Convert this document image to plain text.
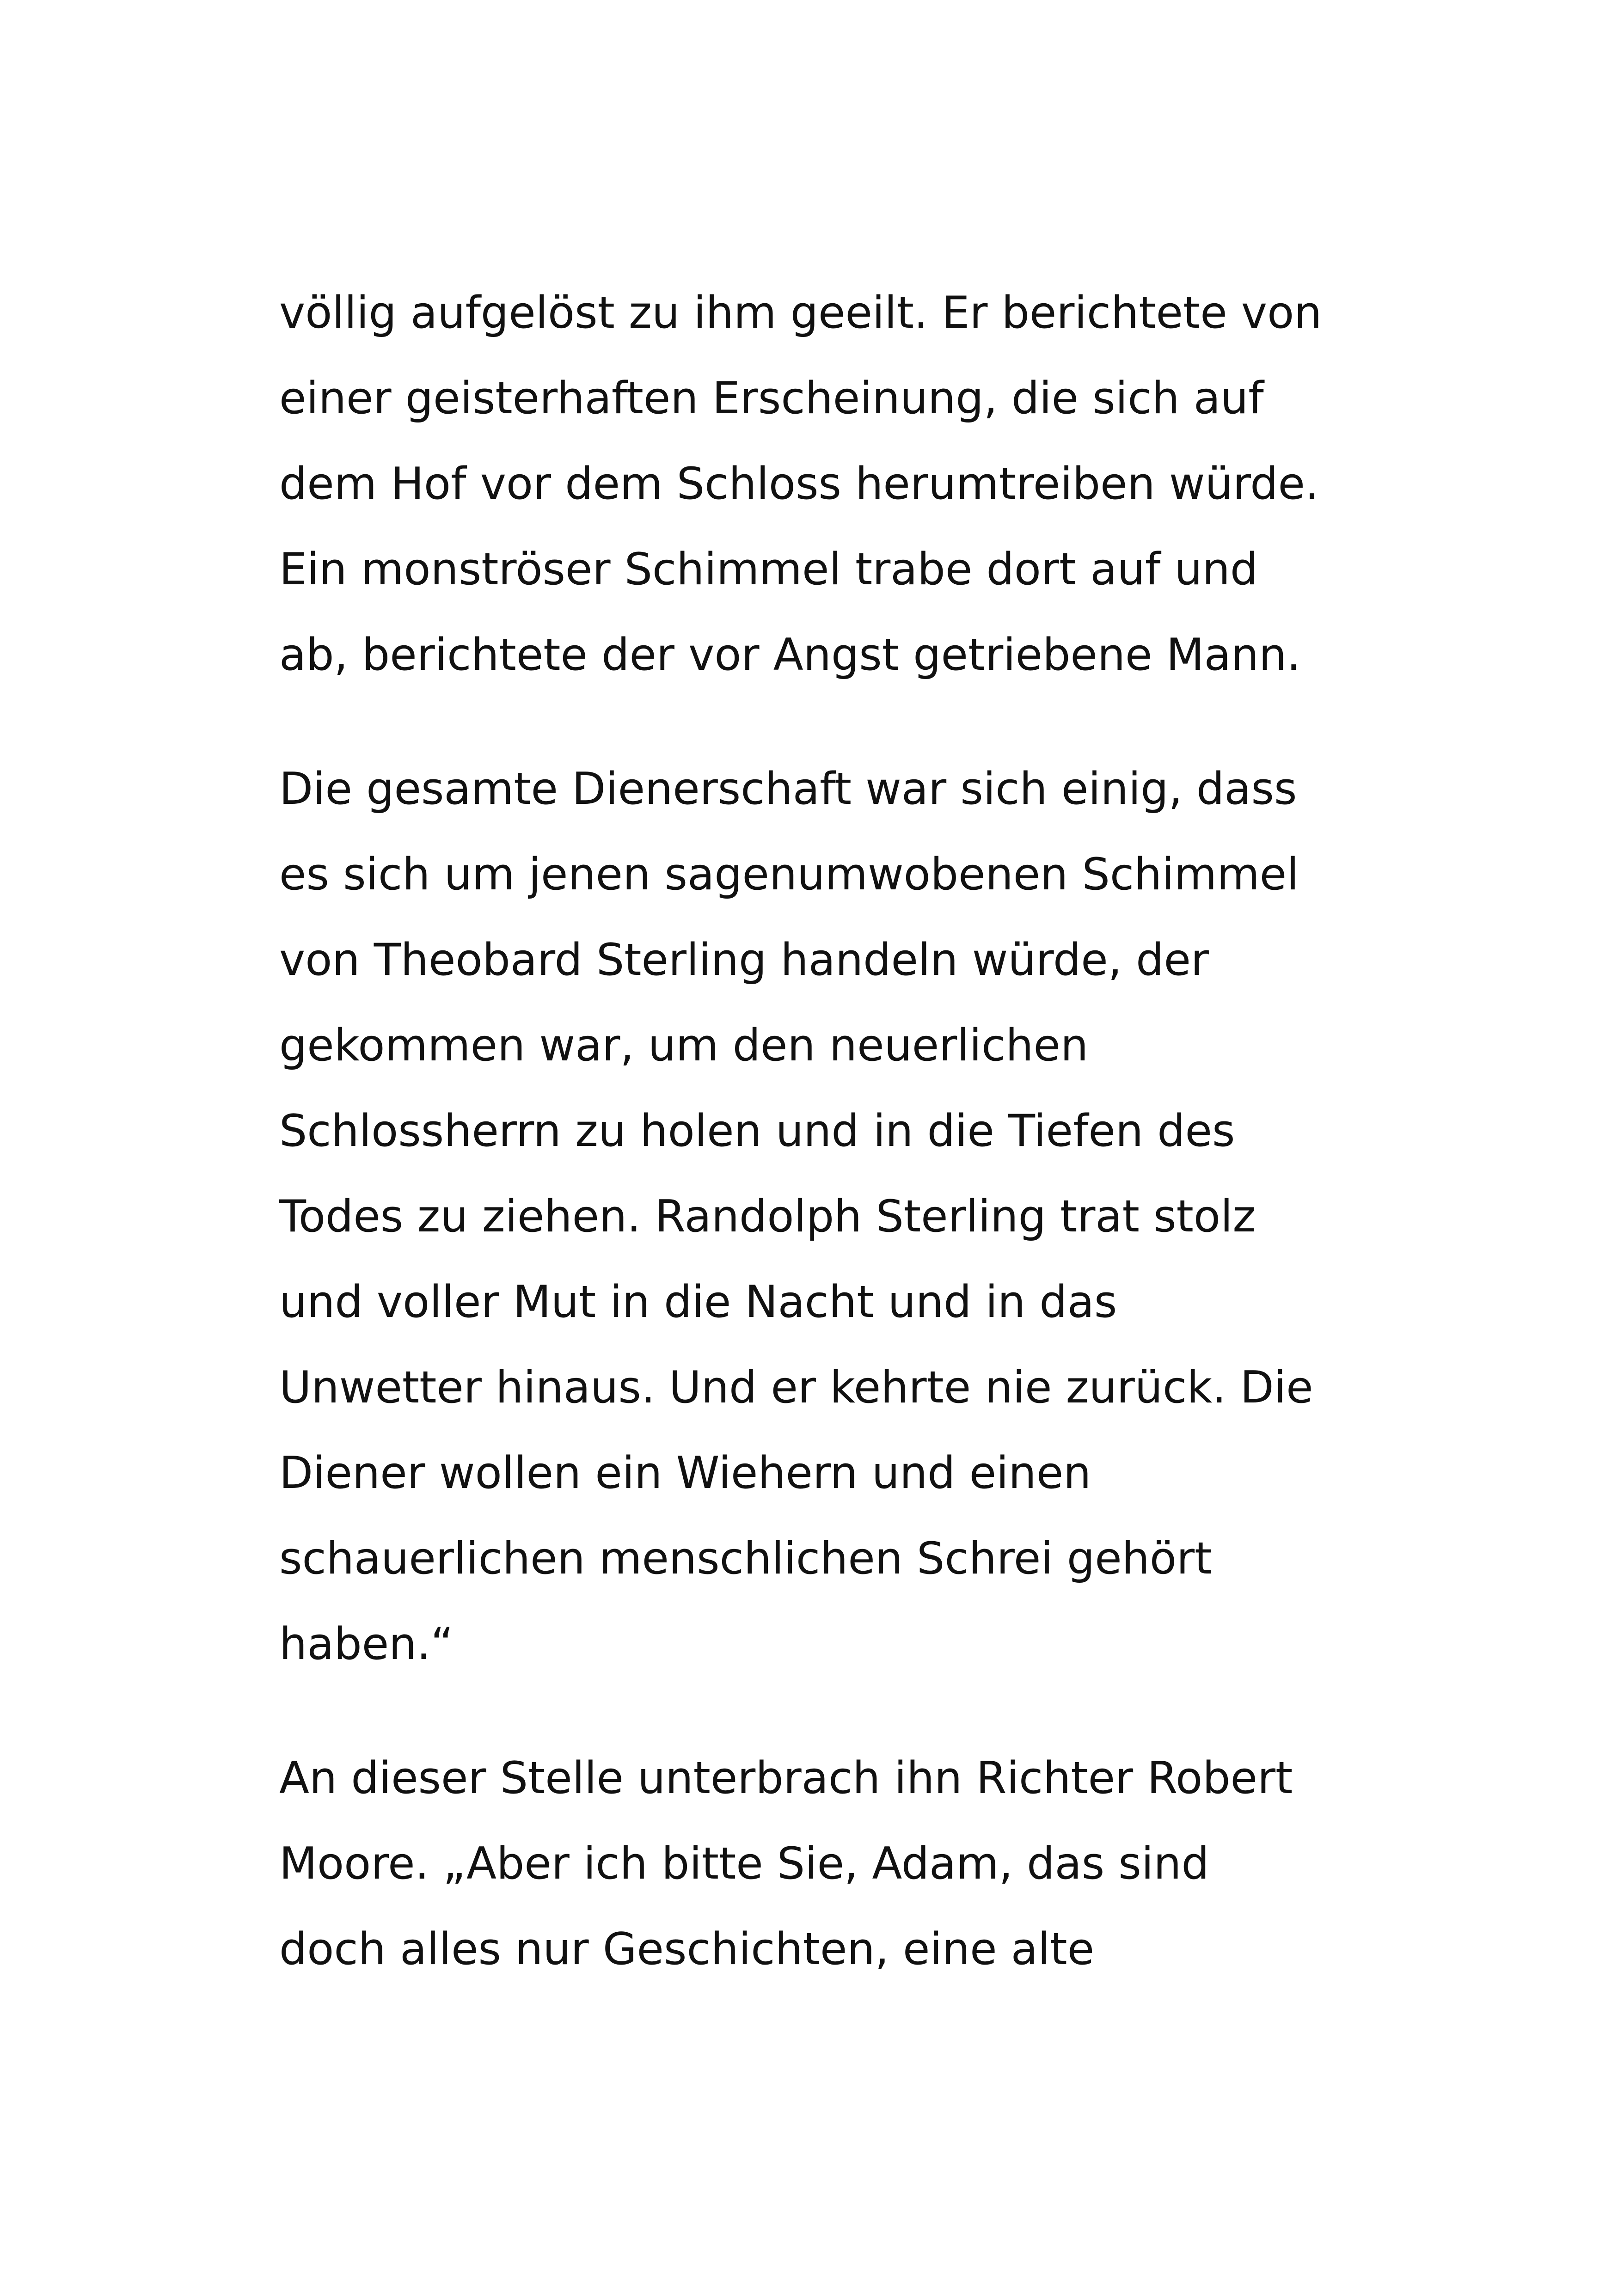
völlig aufgelöst zu ihm geeilt. Er berichtete von
einer geisterhaften Erscheinung, die sich auf
dem Hof vor dem Schloss herumtreiben würde.
Ein monströser Schimmel trabe dort auf und
ab, berichtete der vor Angst getriebene Mann.
Die gesamte Dienerschaft war sich einig, dass
es sich um jenen sagenumwobenen Schimmel
von Theobard Sterling handeln würde, der
gekommen war, um den neuerlichen
Schlossherrn zu holen und in die Tiefen des
Todes zu ziehen. Randolph Sterling trat stolz
und voller Mut in die Nacht und in das
Unwetter hinaus. Und er kehrte nie zurück. Die
Diener wollen ein Wiehern und einen
schauerlichen menschlichen Schrei gehört
haben.“
An dieser Stelle unterbrach ihn Richter Robert
Moore. „Aber ich bitte Sie, Adam, das sind
doch alles nur Geschichten, eine alte
